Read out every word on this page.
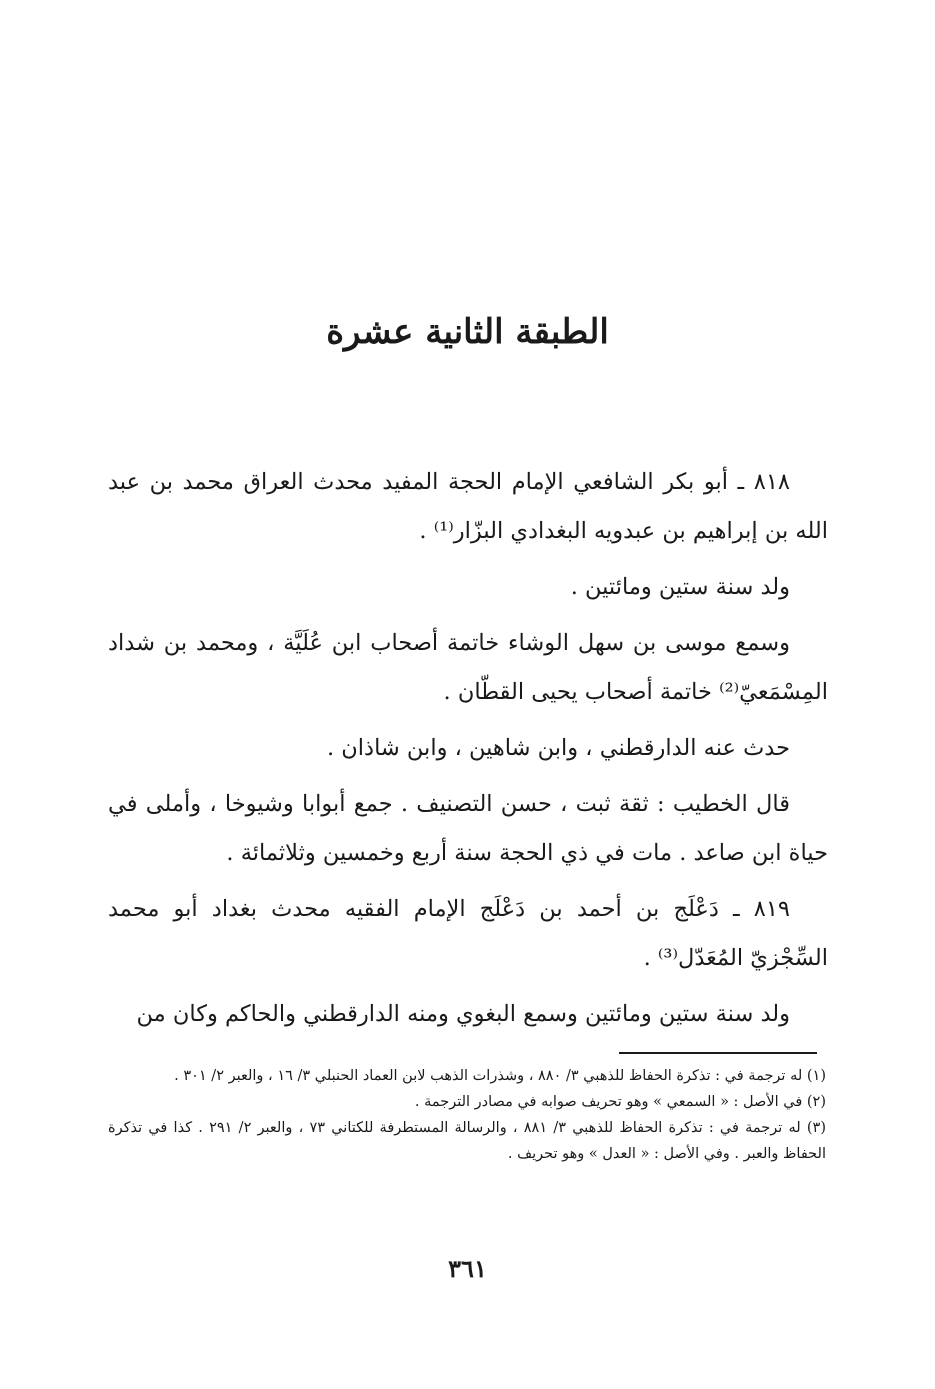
الطبقة الثانية عشرة

٨١٨ ـ أبو بكر الشافعي الإمام الحجة المفيد محدث العراق محمد بن عبد الله بن إبراهيم بن عبدويه البغدادي البزّار⁽¹⁾ .

ولد سنة ستين ومائتين .

وسمع موسى بن سهل الوشاء خاتمة أصحاب ابن عُلَيَّة ، ومحمد بن شداد المِسْمَعيّ⁽²⁾ خاتمة أصحاب يحيى القطّان .

حدث عنه الدارقطني ، وابن شاهين ، وابن شاذان .

قال الخطيب : ثقة ثبت ، حسن التصنيف . جمع أبوابا وشيوخا ، وأملى في حياة ابن صاعد . مات في ذي الحجة سنة أربع وخمسين وثلاثمائة .

٨١٩ ـ دَعْلَج بن أحمد بن دَعْلَج الإمام الفقيه محدث بغداد أبو محمد السِّجْزيّ المُعَدّل⁽³⁾ .

ولد سنة ستين ومائتين وسمع البغوي ومنه الدارقطني والحاكم وكان من

(١) له ترجمة في : تذكرة الحفاظ للذهبي ٣/ ٨٨٠ ، وشذرات الذهب لابن العماد الحنبلي ٣/ ١٦ ، والعبر ٢/ ٣٠١ .

(٢) في الأصل : « السمعي » وهو تحريف صوابه في مصادر الترجمة .

(٣) له ترجمة في : تذكرة الحفاظ للذهبي ٣/ ٨٨١ ، والرسالة المستطرفة للكتاني ٧٣ ، والعبر ٢/ ٢٩١ . كذا في تذكرة الحفاظ والعبر . وفي الأصل : « العدل » وهو تحريف .

٣٦١
